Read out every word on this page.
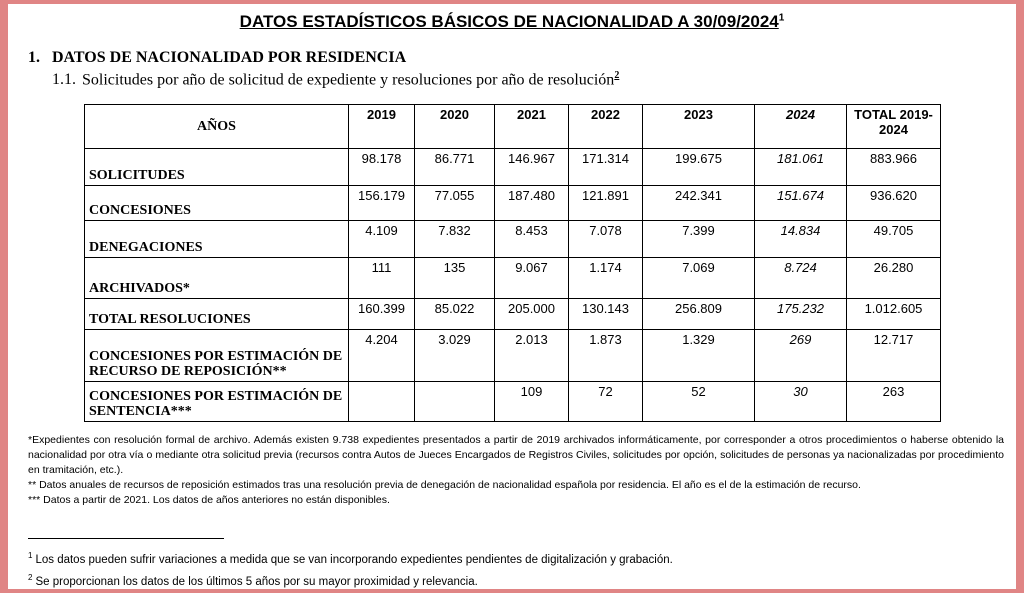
DATOS ESTADÍSTICOS BÁSICOS DE NACIONALIDAD A 30/09/2024$^1$
1. DATOS DE NACIONALIDAD POR RESIDENCIA
1.1. Solicitudes por año de solicitud de expediente y resoluciones por año de resolución$^2$
AÑOS	2019	2020	2021	2022	2023	2024	TOTAL 2019-2024
SOLICITUDES	98.178	86.771	146.967	171.314	199.675	181.061	883.966
CONCESIONES	156.179	77.055	187.480	121.891	242.341	151.674	936.620
DENEGACIONES	4.109	7.832	8.453	7.078	7.399	14.834	49.705
ARCHIVADOS*	111	135	9.067	1.174	7.069	8.724	26.280
TOTAL RESOLUCIONES	160.399	85.022	205.000	130.143	256.809	175.232	1.012.605
CONCESIONES POR ESTIMACIÓN DE RECURSO DE REPOSICIÓN**	4.204	3.029	2.013	1.873	1.329	269	12.717
CONCESIONES POR ESTIMACIÓN DE SENTENCIA***			109	72	52	30	263

*Expedientes con resolución formal de archivo. Además existen 9.738 expedientes presentados a partir de 2019 archivados informáticamente, por corresponder a otros procedimientos o haberse obtenido la nacionalidad por otra vía o mediante otra solicitud previa (recursos contra Autos de Jueces Encargados de Registros Civiles, solicitudes por opción, solicitudes de personas ya nacionalizadas por procedimiento en tramitación, etc.).

** Datos anuales de recursos de reposición estimados tras una resolución previa de denegación de nacionalidad española por residencia. El año es el de la estimación de recurso.

*** Datos a partir de 2021. Los datos de años anteriores no están disponibles.

$^1$ Los datos pueden sufrir variaciones a medida que se van incorporando expedientes pendientes de digitalización y grabación.

$^2$ Se proporcionan los datos de los últimos 5 años por su mayor proximidad y relevancia.
